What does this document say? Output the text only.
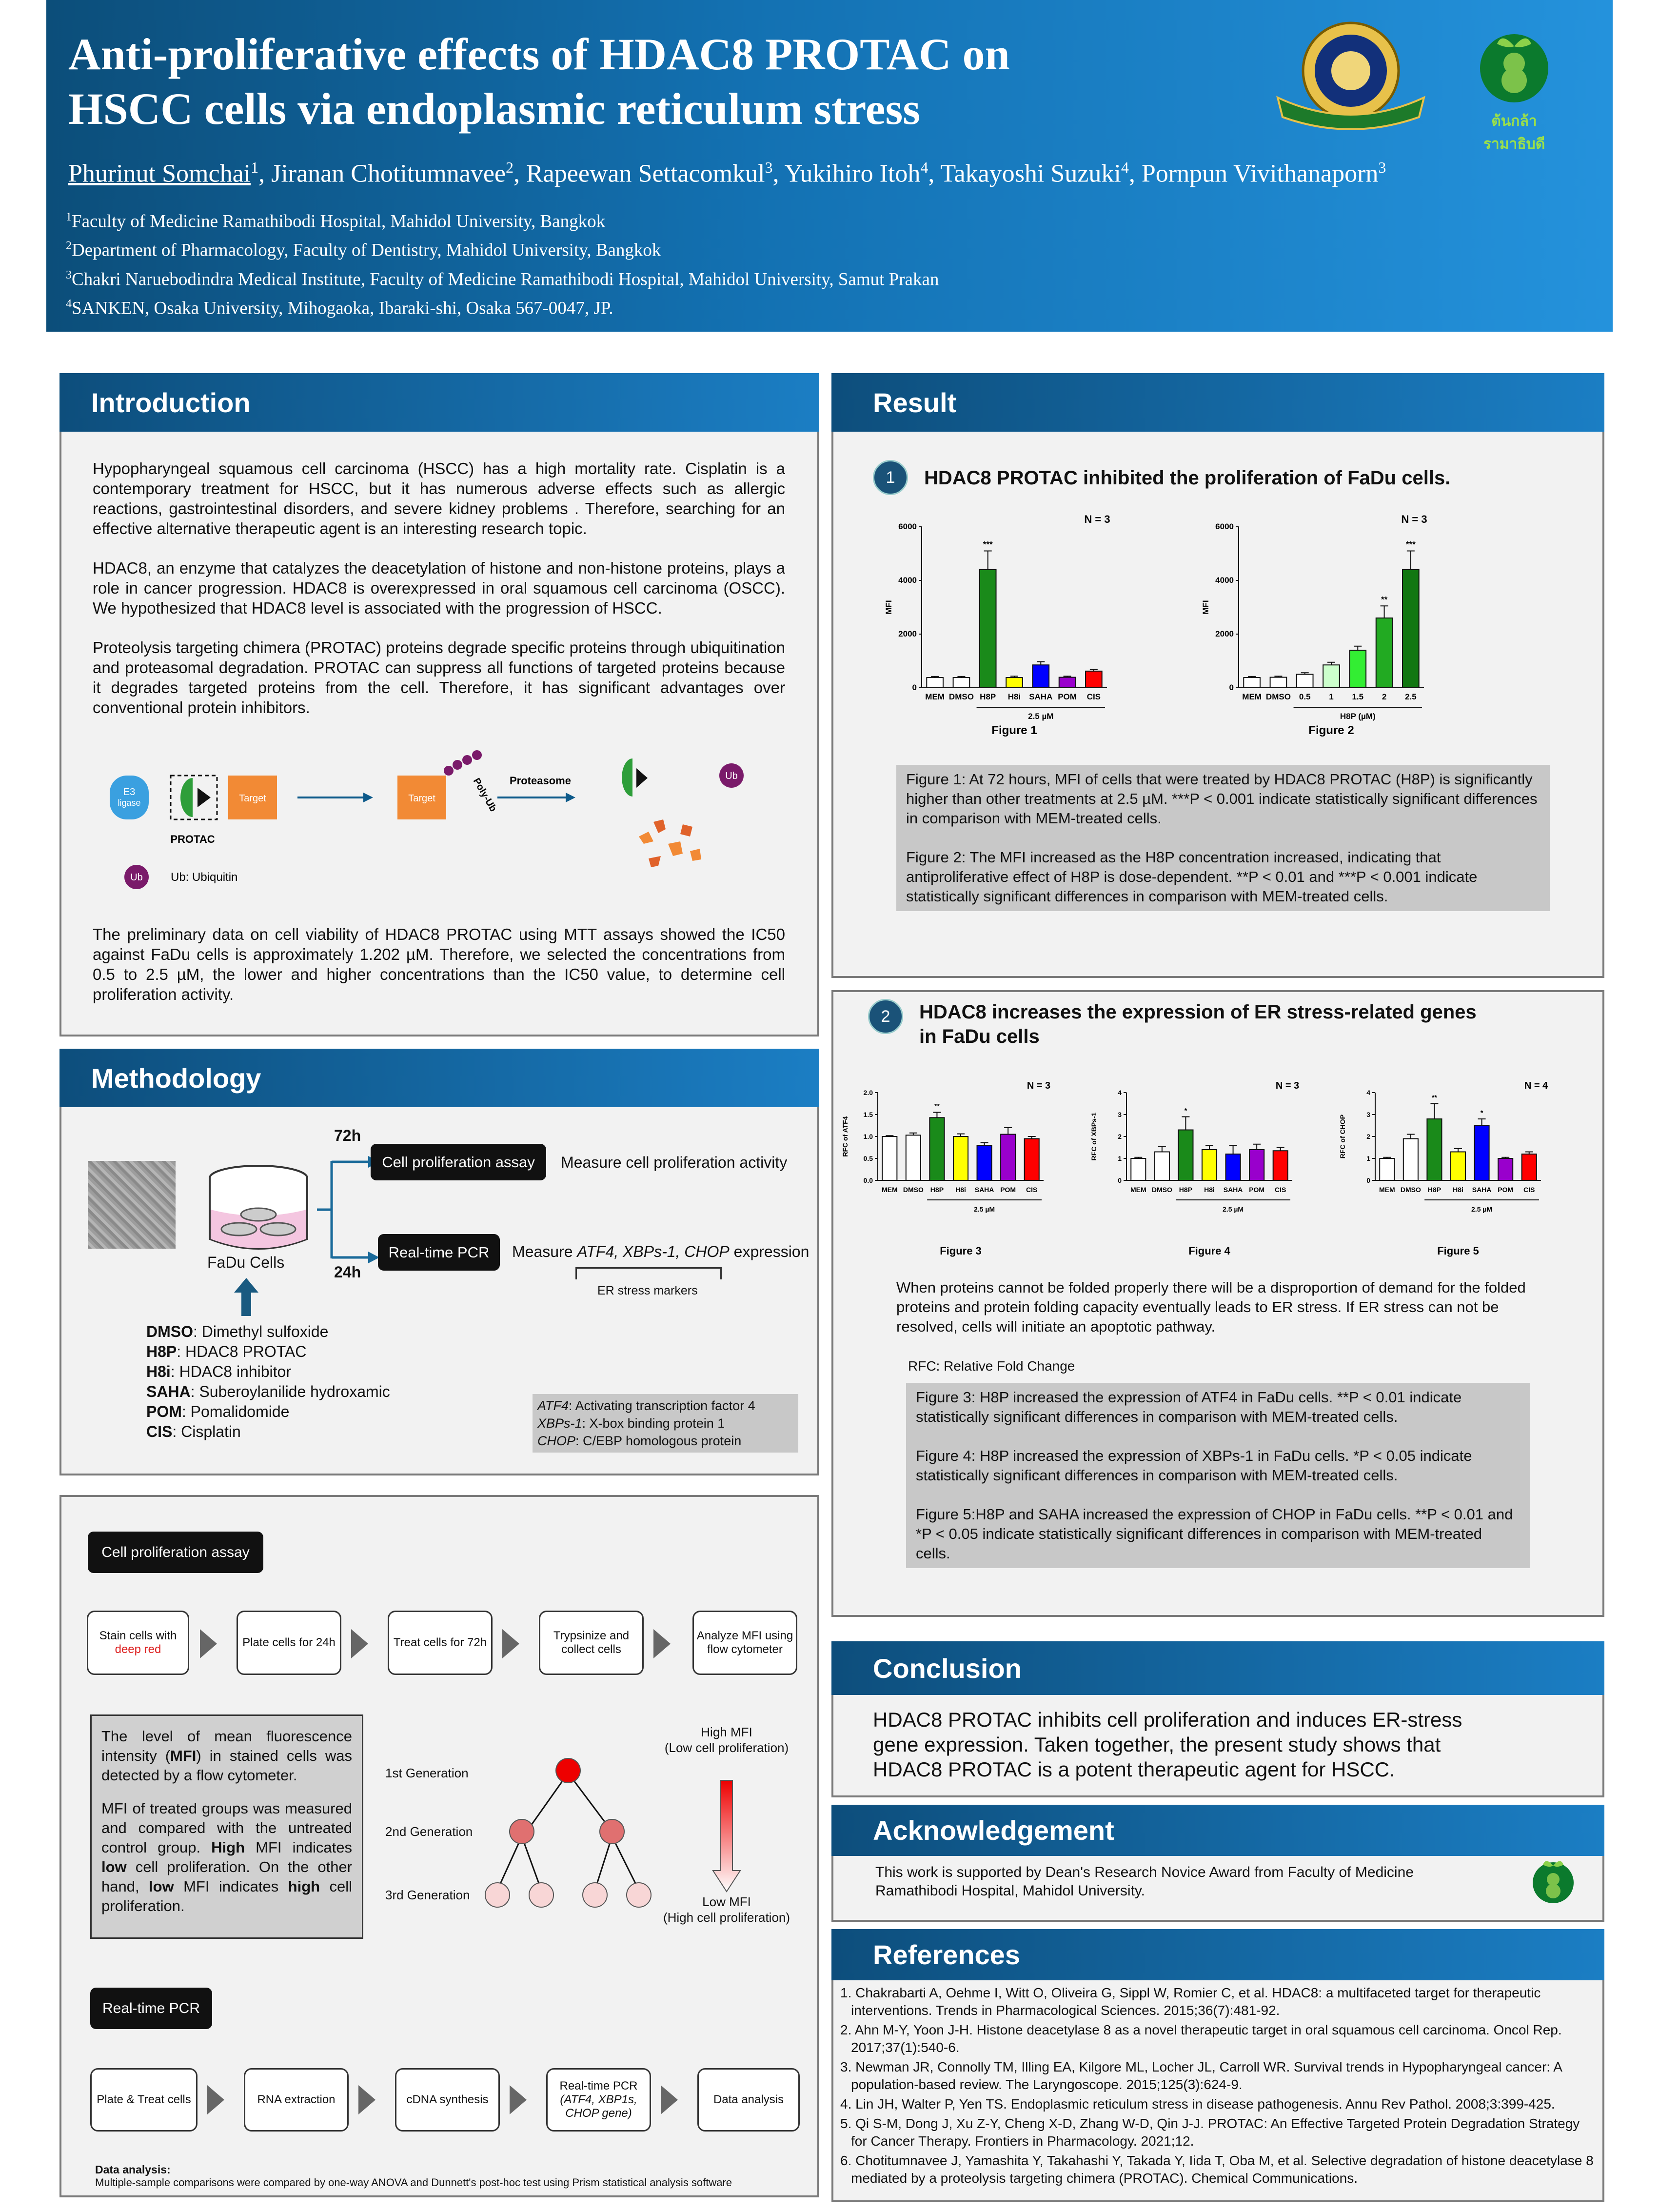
Anti-proliferative effects of HDAC8 PROTAC on
HSCC cells via endoplasmic reticulum stress
Phurinut Somchai$^1$, Jiranan Chotitumnavee$^2$, Rapeewan Settacomkul$^3$, Yukihiro Itoh$^4$, Takayoshi Suzuki$^4$, Pornpun Vivithanaporn$^3$
$^1$Faculty of Medicine Ramathibodi Hospital, Mahidol University, Bangkok
$^2$Department of Pharmacology, Faculty of Dentistry, Mahidol University, Bangkok
$^3$Chakri Naruebodindra Medical Institute, Faculty of Medicine Ramathibodi Hospital, Mahidol University, Samut Prakan
$^4$SANKEN, Osaka University, Mihogaoka, Ibaraki-shi, Osaka 567-0047, JP.
ต้นกล้ารามาธิบดี
Introduction

Hypopharyngeal squamous cell carcinoma (HSCC) has a high mortality rate. Cisplatin is a contemporary treatment for HSCC, but it has numerous adverse effects such as allergic reactions, gastrointestinal disorders, and severe kidney problems . Therefore, searching for an effective alternative therapeutic agent is an interesting research topic.

HDAC8, an enzyme that catalyzes the deacetylation of histone and non-histone proteins, plays a role in cancer progression. HDAC8 is overexpressed in oral squamous cell carcinoma (OSCC). We hypothesized that HDAC8 level is associated with the progression of HSCC.

Proteolysis targeting chimera (PROTAC) proteins degrade specific proteins through ubiquitination and proteasomal degradation. PROTAC can suppress all functions of targeted proteins because it degrades targeted proteins from the cell. Therefore, it has significant advantages over conventional protein inhibitors.

E3
ligase	Target
PROTAC
Target	Poly-Ub Proteasome	Ub
Ub Ub: Ubiquitin
The preliminary data on cell viability of HDAC8 PROTAC using MTT assays showed the IC50 against FaDu cells is approximately 1.202 µM. Therefore, we selected the concentrations from 0.5 to 2.5 µM, the lower and higher concentrations than the IC50 value, to determine cell proliferation activity.
Methodology
FaDu Cells
72h
24h
Cell proliferation assay	Measure cell proliferation activity
Real-time PCR	Measure ATF4, XBPs-1, CHOP expression
ER stress markers
DMSO: Dimethyl sulfoxide
H8P: HDAC8 PROTAC
H8i: HDAC8 inhibitor
SAHA: Suberoylanilide hydroxamic
POM: Pomalidomide
CIS: Cisplatin
ATF4: Activating transcription factor 4
XBPs-1: X-box binding protein 1
CHOP: C/EBP homologous protein
Cell proliferation assay
Stain cells with
deep red
Plate cells for 24h	Treat cells for 72h
Trypsinize and collect cells
Analyze MFI using flow cytometer

The level of mean fluorescence intensity (MFI) in stained cells was detected by a flow cytometer.

MFI of treated groups was measured and compared with the untreated control group. High MFI indicates low cell proliferation. On the other hand, low MFI indicates high cell proliferation.

1st Generation
2nd Generation
3rd Generation
High MFI
(Low cell proliferation)
Low MFI
(High cell proliferation)
Real-time PCR
Plate & Treat cells	RNA extraction	cDNA synthesis
Real-time PCR
(ATF4, XBP1s, CHOP gene)
Data analysis
Data analysis:
Multiple-sample comparisons were compared by one-way ANOVA and Dunnett's post-hoc test using Prism statistical analysis software
Result
1	HDAC8 PROTAC inhibited the proliferation of FaDu cells.
0
2000
4000
6000
MFI
MEM DMSO
***
H8P H8i SAHA POM CIS
2.5 µM
N = 3
Figure 1
0
2000
4000
6000
MFI
MEM DMSO 0.5 1 1.5
**
2
***
2.5
H8P (µM)
N = 3
Figure 2

Figure 1: At 72 hours, MFI of cells that were treated by HDAC8 PROTAC (H8P) is significantly higher than other treatments at 2.5 µM. ***P < 0.001 indicate statistically significant differences in comparison with MEM-treated cells.

Figure 2: The MFI increased as the H8P concentration increased, indicating that antiproliferative effect of H8P is dose-dependent. **P < 0.01 and ***P < 0.001 indicate statistically significant differences in comparison with MEM-treated cells.

2	HDAC8 increases the expression of ER stress-related genes
in FaDu cells
0.0
0.5
1.0
1.5
2.0
RFC of ATF4
MEM DMSO
**
H8P H8i SAHA POM CIS
2.5 µM
N = 3
Figure 3
0
1
2
3
4
RFC of XBPs-1
MEM DMSO
*
H8P H8i SAHA POM CIS
2.5 µM
N = 3
Figure 4
0
1
2
3
4
RFC of CHOP
MEM DMSO
**
H8P H8i
*
SAHA POM CIS
2.5 µM
N = 4
Figure 5
When proteins cannot be folded properly there will be a disproportion of demand for the folded proteins and protein folding capacity eventually leads to ER stress. If ER stress can not be resolved, cells will initiate an apoptotic pathway.
RFC: Relative Fold Change

Figure 3: H8P increased the expression of ATF4 in FaDu cells. **P < 0.01 indicate statistically significant differences in comparison with MEM-treated cells.

Figure 4: H8P increased the expression of XBPs-1 in FaDu cells. *P < 0.05 indicate statistically significant differences in comparison with MEM-treated cells.

Figure 5:H8P and SAHA increased the expression of CHOP in FaDu cells. **P < 0.01 and *P < 0.05 indicate statistically significant differences in comparison with MEM-treated cells.

Conclusion
HDAC8 PROTAC inhibits cell proliferation and induces ER-stress gene expression. Taken together, the present study shows that HDAC8 PROTAC is a potent therapeutic agent for HSCC.
Acknowledgement
This work is supported by Dean's Research Novice Award from Faculty of Medicine Ramathibodi Hospital, Mahidol University.
References
1. Chakrabarti A, Oehme I, Witt O, Oliveira G, Sippl W, Romier C, et al. HDAC8: a multifaceted target for therapeutic interventions. Trends in Pharmacological Sciences. 2015;36(7):481-92.
2. Ahn M-Y, Yoon J-H. Histone deacetylase 8 as a novel therapeutic target in oral squamous cell carcinoma. Oncol Rep. 2017;37(1):540-6.
3. Newman JR, Connolly TM, Illing EA, Kilgore ML, Locher JL, Carroll WR. Survival trends in Hypopharyngeal cancer: A population-based review. The Laryngoscope. 2015;125(3):624-9.
4. Lin JH, Walter P, Yen TS. Endoplasmic reticulum stress in disease pathogenesis. Annu Rev Pathol. 2008;3:399-425.
5. Qi S-M, Dong J, Xu Z-Y, Cheng X-D, Zhang W-D, Qin J-J. PROTAC: An Effective Targeted Protein Degradation Strategy for Cancer Therapy. Frontiers in Pharmacology. 2021;12.
6. Chotitumnavee J, Yamashita Y, Takahashi Y, Takada Y, Iida T, Oba M, et al. Selective degradation of histone deacetylase 8 mediated by a proteolysis targeting chimera (PROTAC). Chemical Communications.
